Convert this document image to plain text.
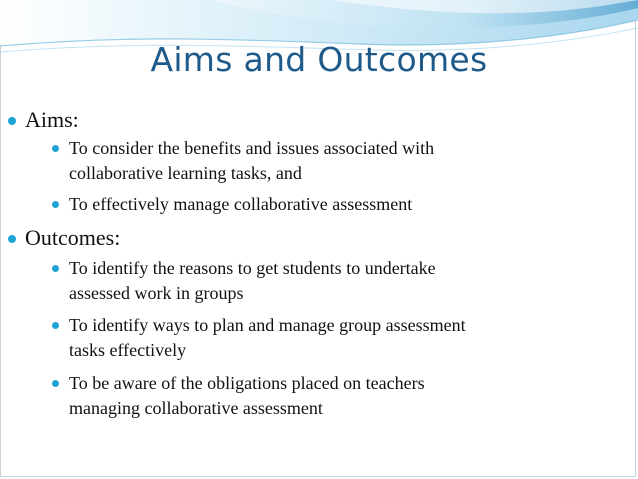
Aims and Outcomes
Aims:
To consider the benefits and issues associated with
collaborative learning tasks, and
To effectively manage collaborative assessment
Outcomes:
To identify the reasons to get students to undertake
assessed work in groups
To identify ways to plan and manage group assessment
tasks effectively
To be aware of the obligations placed on teachers
managing collaborative assessment
